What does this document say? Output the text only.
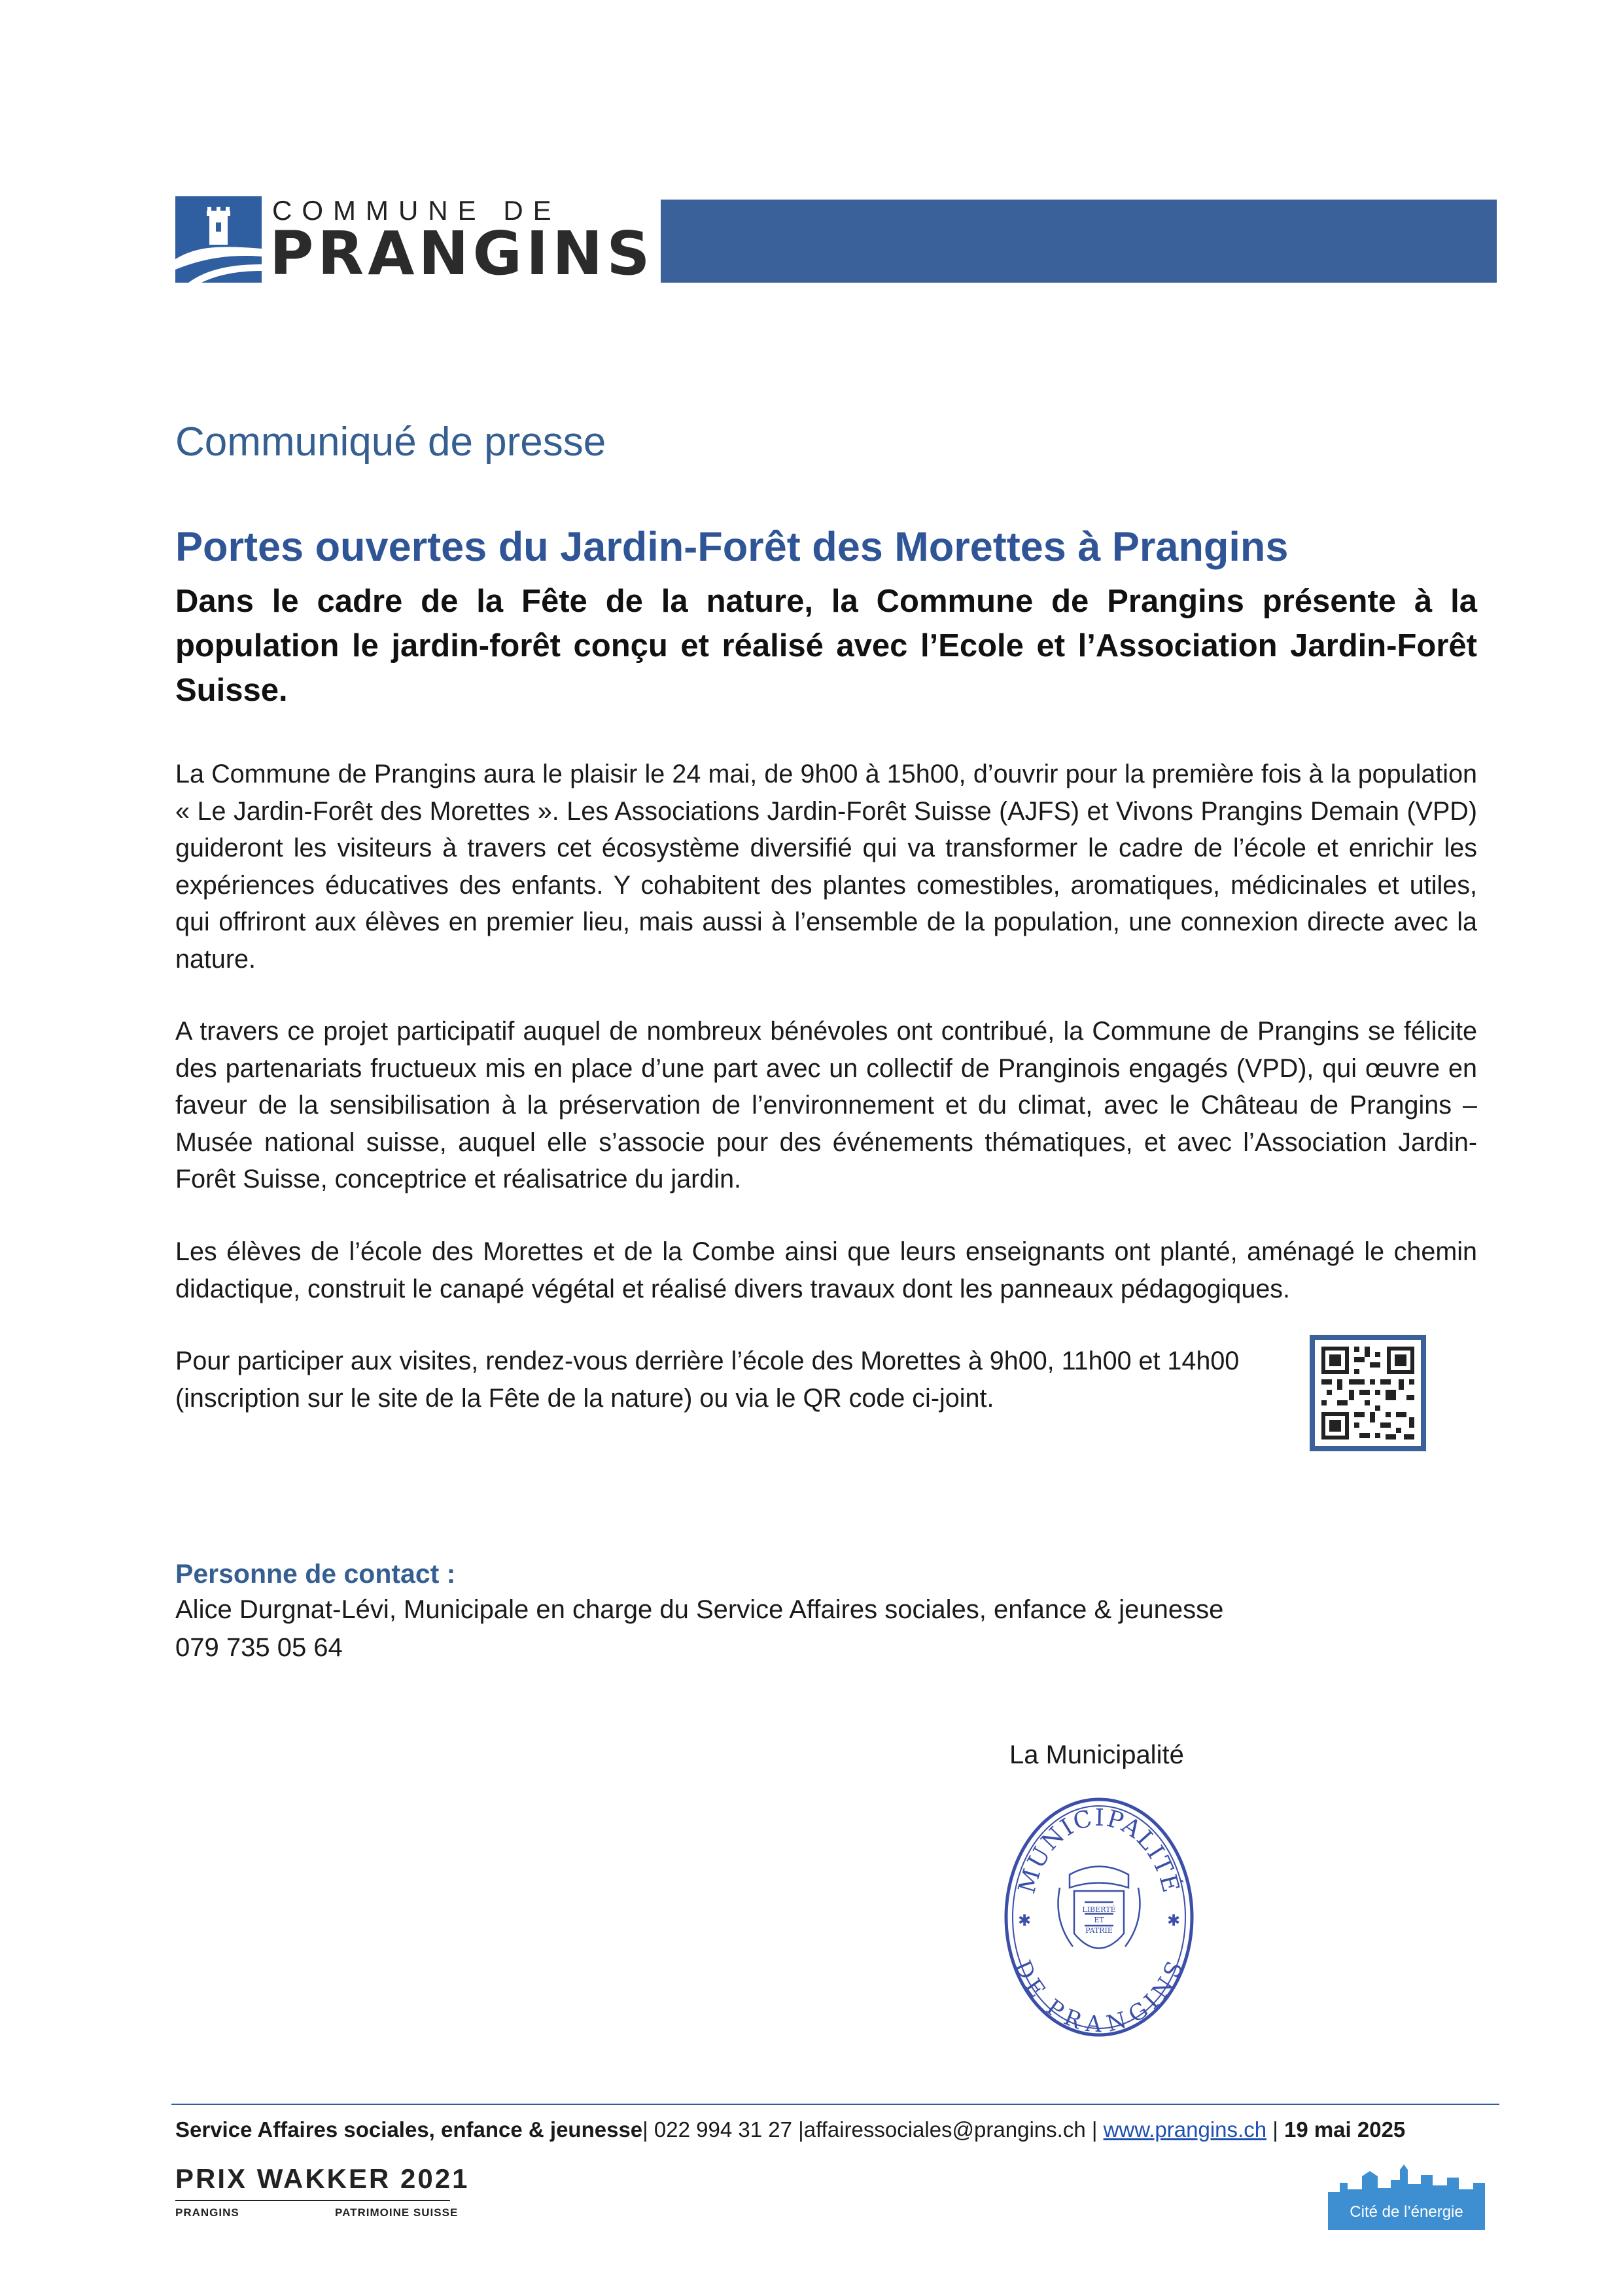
COMMUNE DE
PRANGINS
Communiqué de presse
Portes ouvertes du Jardin-Forêt des Morettes à Prangins
Dans le cadre de la Fête de la nature, la Commune de Prangins présente à la population le jardin-forêt conçu et réalisé avec l’Ecole et l’Association Jardin-Forêt Suisse.

La Commune de Prangins aura le plaisir le 24 mai, de 9h00 à 15h00, d’ouvrir pour la première fois à la population « Le Jardin-Forêt des Morettes ». Les Associations Jardin-Forêt Suisse (AJFS) et Vivons Prangins Demain (VPD) guideront les visiteurs à travers cet écosystème diversifié qui va transformer le cadre de l’école et enrichir les expériences éducatives des enfants. Y cohabitent des plantes comestibles, aromatiques, médicinales et utiles, qui offriront aux élèves en premier lieu, mais aussi à l’ensemble de la population, une connexion directe avec la nature.

A travers ce projet participatif auquel de nombreux bénévoles ont contribué, la Commune de Prangins se félicite des partenariats fructueux mis en place d’une part avec un collectif de Pranginois engagés (VPD), qui œuvre en faveur de la sensibilisation à la préservation de l’environnement et du climat, avec le Château de Prangins – Musée national suisse, auquel elle s’associe pour des événements thématiques, et avec l’Association Jardin-Forêt Suisse, conceptrice et réalisatrice du jardin.

Les élèves de l’école des Morettes et de la Combe ainsi que leurs enseignants ont planté, aménagé le chemin didactique, construit le canapé végétal et réalisé divers travaux dont les panneaux pédagogiques.

Pour participer aux visites, rendez-vous derrière l’école des Morettes à 9h00, 11h00 et 14h00 (inscription sur le site de la Fête de la nature) ou via le QR code ci-joint.

Personne de contact :
Alice Durgnat-Lévi, Municipale en charge du Service Affaires sociales, enfance & jeunesse
079 735 05 64
La Municipalité
MUNICIPALITÉ
DE PRANGINS
✱	✱
LIBERTÉ
ET
PATRIE
Service Affaires sociales, enfance & jeunesse| 022 994 31 27 |affairessociales@prangins.ch | www.prangins.ch | 19 mai 2025
PRIX WAKKER 2021
PRANGINS	PATRIMOINE SUISSE	Cité de l’énergie
